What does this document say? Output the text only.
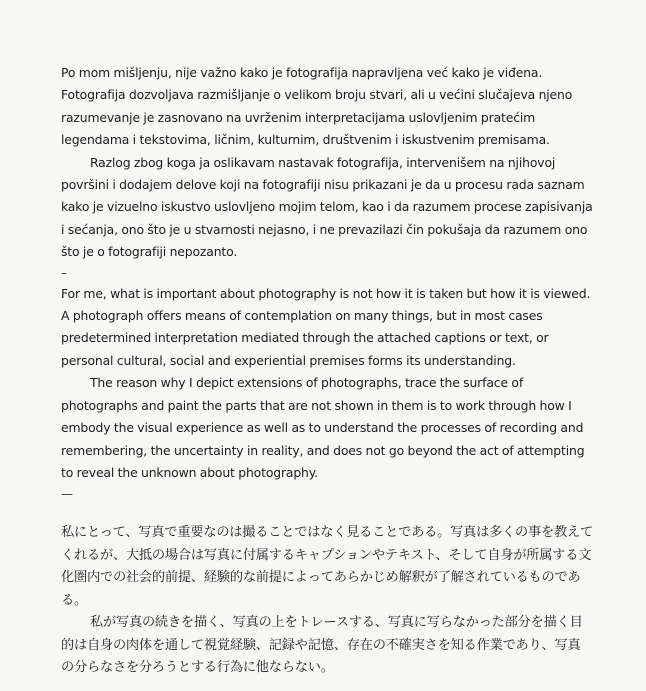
Po mom mišljenju, nije važno kako je fotografija napravljena već kako je viđena. Fotografija dozvoljava razmišljanje o velikom broju stvari, ali u većini slučajeva njeno razumevanje je zasnovano na uvrženim interpretacijama uslovljenim pratećim legendama i tekstovima, ličnim, kulturnim, društvenim i iskustvenim premisama.

Razlog zbog koga ja oslikavam nastavak fotografija, intervenišem na njihovoj površini i dodajem delove koji na fotografiji nisu prikazani je da u procesu rada saznam kako je vizuelno iskustvo uslovljeno mojim telom, kao i da razumem procese zapisivanja i sećanja, ono što je u stvarnosti nejasno, i ne prevazilazi čin pokušaja da razumem ono što je o fotografiji nepozanto.

–

For me, what is important about photography is not how it is taken but how it is viewed. A photograph offers means of contemplation on many things, but in most cases predetermined interpretation mediated through the attached captions or text, or personal cultural, social and experiential premises forms its understanding.

The reason why I depict extensions of photographs, trace the surface of photographs and paint the parts that are not shown in them is to work through how I embody the visual experience as well as to understand the processes of recording and remembering, the uncertainty in reality, and does not go beyond the act of attempting to reveal the unknown about photography.

—

私にとって、写真で重要なのは撮ることではなく見ることである。写真は多くの事を教えてくれるが、大抵の場合は写真に付属するキャプションやテキスト、そして自身が所属する文化圏内での社会的前提、経験的な前提によってあらかじめ解釈が了解されているものである。

私が写真の続きを描く、写真の上をトレースする、写真に写らなかった部分を描く目的は自身の肉体を通して視覚経験、記録や記憶、存在の不確実さを知る作業であり、写真の分らなさを分ろうとする行為に他ならない。
